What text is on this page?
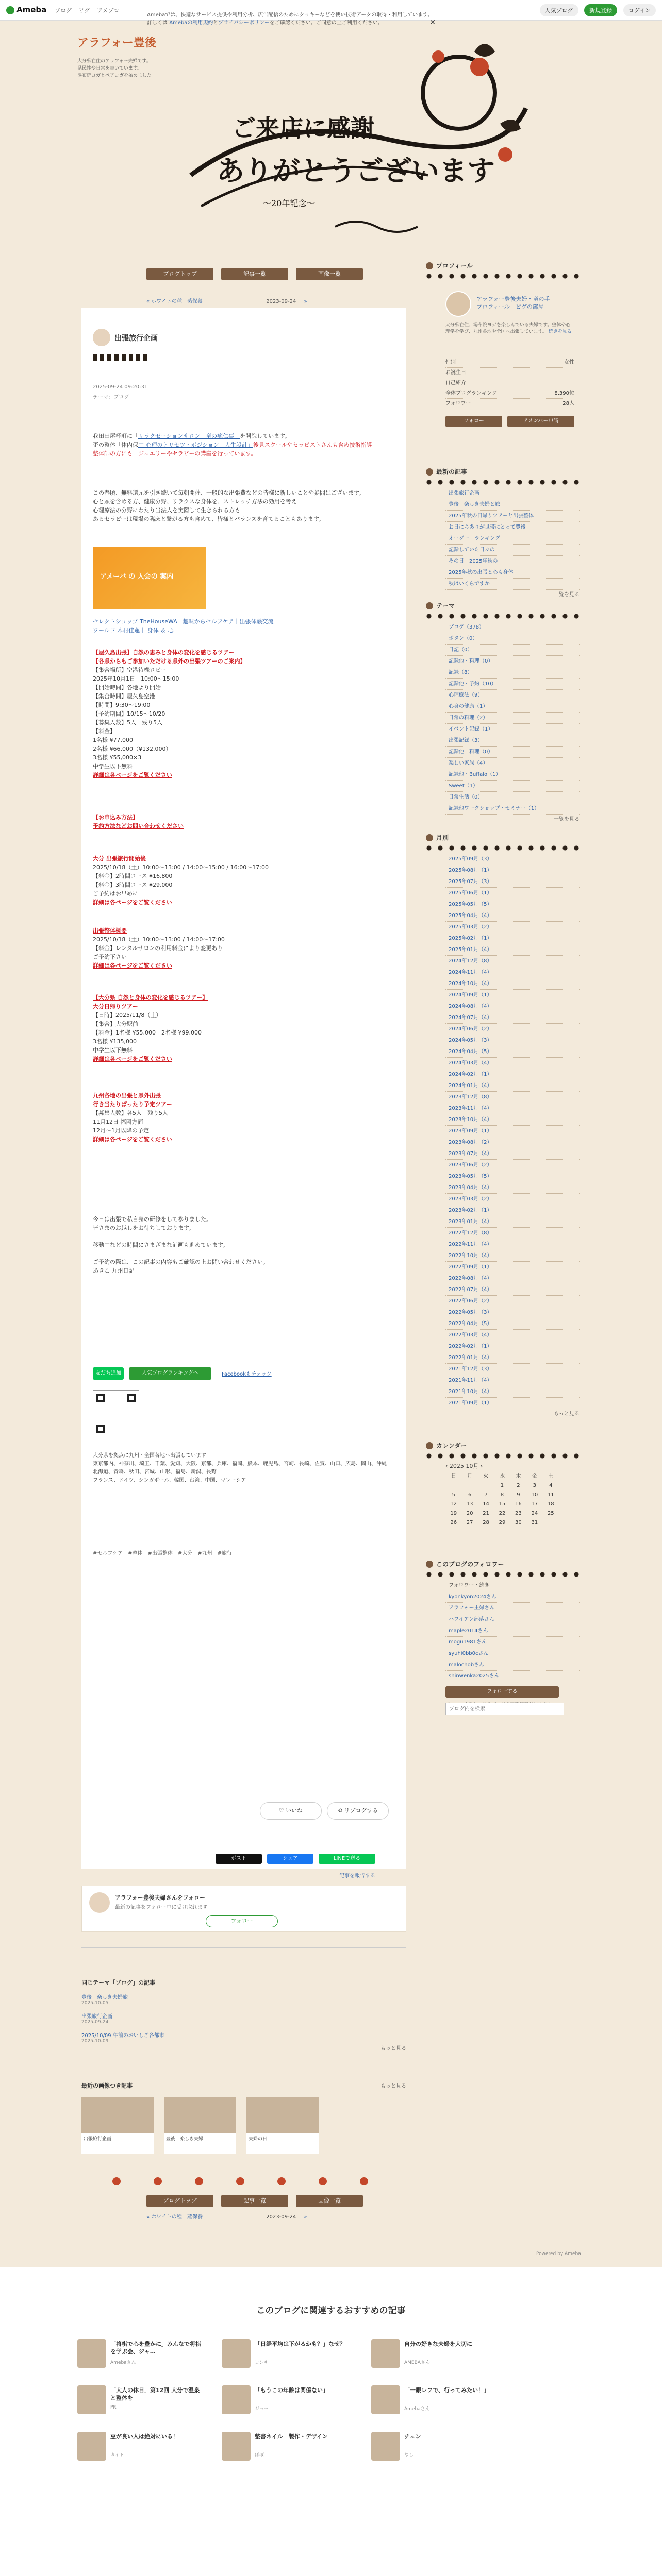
Ameba ブログ ピグ アメブロ	人気ブログ	新規登録	ログイン
Amebaでは、快適なサービス提供や利用分析、広告配信のためにクッキーなどを使い技術データの取得・利用しています。詳しくは Amebaの利用規約とプライバシーポリシーをご確認ください。ご同意の上ご利用ください。	✕
アラフォー豊後
大分県在住のアラフォー夫婦です。
県民性や日常を書いています。
湯布院ヨガとペアヨガを始めました。
ご来店に感謝
ありがとうございます
〜20年記念〜
ブログトップ	記事一覧	画像一覧
« ホワイトの種　蒸保養	2023-09-24 »
出張旅行企画
2025-09-24 09:20:31
テーマ：ブログ
我田田屋杯町に「リラクゼーションサロン「竜の癒仁事」を開院しています。
歪の整体「体内保中 心理のトリセツ・ポジション「人生設計」後見スクールやセラピストさんも含め技術指導
整体師の方にも　ジュエリーやセラピーの講座を行っています。
この春頃、無料還元を引き続いて毎朝開催、一般的な出張費などの皆様に新しいことや疑問はございます。
心と頭を含める方、健康分野、リラクスな身体を、ストレッチ方法の効用を考え
心理療法の分野にわたり当法人を実際して生きられる方も
あるセラピーは現場の臨床と繋がる方も含めて、皆様とバランスを育てることもあります。
アメーバ の 入会の 案内
セレクトショップ TheHouseWA｜趣味からセルフケア｜出張体験交流
ワールド 木村佳蓮｜ 身体 ＆ 心
【屋久島出張】自然の恵みと身体の変化を感じるツアー
【各県からもご参加いただける県外の出張ツアーのご案内】
【集合場所】空港待機ロビー
2025年10月1日　10:00〜15:00
【開始時間】各地より開始
【集合時間】屋久島空港
【時間】9:30〜19:00
【予約期間】10/15〜10/20
【募集人数】5人　残り5人
【料金】
1名様 ¥77,000
2名様 ¥66,000（¥132,000）
3名様 ¥55,000×3
中学生以下無料
詳細は各ページをご覧ください
【お申込み方法】
予約方法などお問い合わせください
大分 出張旅行開始後
2025/10/18（土）10:00〜13:00 / 14:00〜15:00 / 16:00〜17:00
【料金】2時間コース ¥16,800
【料金】3時間コース ¥29,000
ご予約はお早めに
詳細は各ページをご覧ください
出張整体概要
2025/10/18（土）10:00〜13:00 / 14:00〜17:00
【料金】レンタルサロンの利用料金により変更あり
ご予約下さい
詳細は各ページをご覧ください
【大分県 自然と身体の変化を感じるツアー】
大分日帰りツアー
【日時】2025/11/8（土）
【集合】大分駅前
【料金】1名様 ¥55,000　2名様 ¥99,000
3名様 ¥135,000
中学生以下無料
詳細は各ページをご覧ください
九州各地の出張と県外出張
行き当たりばったり予定ツアー
【募集人数】各5人　残り5人
11月12日 福岡方面
12月〜1月以降の予定
詳細は各ページをご覧ください
今日は出張で私自身の研修をして参りました。
皆さまのお越しをお待ちしております。
移動中などの時間にさまざまな計画も進めています。
ご予約の際は、この記事の内容もご確認の上お問い合わせください。
あきこ 九州日記
友だち追加	人気ブログランキングへ	Facebookもチェック
大分県を拠点に九州・全国各地へ出張しています
東京都内、神奈川、埼玉、千葉、愛知、大阪、京都、兵庫、福岡、熊本、鹿児島、宮崎、長崎、佐賀、山口、広島、岡山、沖縄
北海道、青森、秋田、宮城、山形、福島、新潟、長野
フランス、ドイツ、シンガポール、韓国、台湾、中国、マレーシア
#セルフケア　#整体　#出張整体　#大分　#九州　#旅行
♡ いいね	⟲ リブログする
ポスト	シェア	LINEで送る
記事を報告する
アラフォー豊後夫婦さんをフォロー
最新の記事をフォロー中に受け取れます
フォロー
同じテーマ「ブログ」の記事
豊後　楽しき夫婦旅
2025-10-05
出張旅行企画
2025-09-24
2025/10/09 午前のおいしご各都市
2025-10-09
もっと見る
最近の画像つき記事
出張旅行企画	豊後　楽しき夫婦	夫婦の日
もっと見る
ブログトップ	記事一覧	画像一覧
« ホワイトの種　蒸保養	2023-09-24 »
プロフィール
アラフォー豊後夫婦・竜の手
プロフィール　ピグの部屋
大分県在住、湯布院ヨガを楽しんでいる夫婦です。整体や心理学を学び、九州各地や全国へ出張しています。 続きを見る
性別	女性
お誕生日
自己紹介
全体ブログランキング	8,390位
フォロワー	28人
フォロー	アメンバー申請
最新の記事
出張旅行企画
豊後　楽しき夫婦と旅
2025年秋の日帰りツアーと出張整体
お日にちありが世帯にとって豊後
オーダー　ランキング
記録していた日々の
その日　2025年秋の
2025年秋の出張と心も身体
秋はいくらですか
一覧を見る
テーマ
ブログ（378）
ボタン（0）
日記（0）
記録他・料理（0）
記録（8）
記録他・予約（10）
心理療法（9）
心身の健康（1）
日常の料理（2）
イベント記録（1）
出張記録（3）
記録他　料理（0）
楽しい家族（4）
記録他・Buffalo（1）
Sweet（1）
日常生活（0）
記録他ワークショップ・セミナー（1）
一覧を見る
月別
2025年09月（3）
2025年08月（1）
2025年07月（3）
2025年06月（1）
2025年05月（5）
2025年04月（4）
2025年03月（2）
2025年02月（1）
2025年01月（4）
2024年12月（8）
2024年11月（4）
2024年10月（4）
2024年09月（1）
2024年08月（4）
2024年07月（4）
2024年06月（2）
2024年05月（3）
2024年04月（5）
2024年03月（4）
2024年02月（1）
2024年01月（4）
2023年12月（8）
2023年11月（4）
2023年10月（4）
2023年09月（1）
2023年08月（2）
2023年07月（4）
2023年06月（2）
2023年05月（5）
2023年04月（4）
2023年03月（2）
2023年02月（1）
2023年01月（4）
2022年12月（8）
2022年11月（4）
2022年10月（4）
2022年09月（1）
2022年08月（4）
2022年07月（4）
2022年06月（2）
2022年05月（3）
2022年04月（5）
2022年03月（4）
2022年02月（1）
2022年01月（4）
2021年12月（3）
2021年11月（4）
2021年10月（4）
2021年09月（1）
もっと見る
カレンダー
‹ 2025 10月 ›
日	月	火	水	木	金	土
			1	2	3	4
5	6	7	8	9	10	11
12	13	14	15	16	17	18
19	20	21	22	23	24	25
26	27	28	29	30	31	
このブログのフォロワー
フォロワー・続き
kyonkyon2024さん
アラフォー主婦さん
ハワイアン部落さん
maple2014さん
mogu1981さん
syuhi0bb0cさん
malochobさん
shinwenka2025さん
フォローする
ブログ内を検索
Powered by Ameba
このブログに関連するおすすめの記事
「将棋で心を豊かに」みんなで将棋を学ぶ会、ジャ…
Amebaさん
「日経平均は下がるかも？」なぜ？
ヨシキ
自分の好きな夫婦を大切に
AMEBAさん
「大人の休日」第12回 大分で温泉と整体を
PR
「もうこの年齢は関係ない」
ジョー
「一眼レフで、行ってみたい！」
Amebaさん
豆が良い人は絶対にいる！
カイト
整書ネイル　製作・デザイン
ぽぽ
チュン
なし
